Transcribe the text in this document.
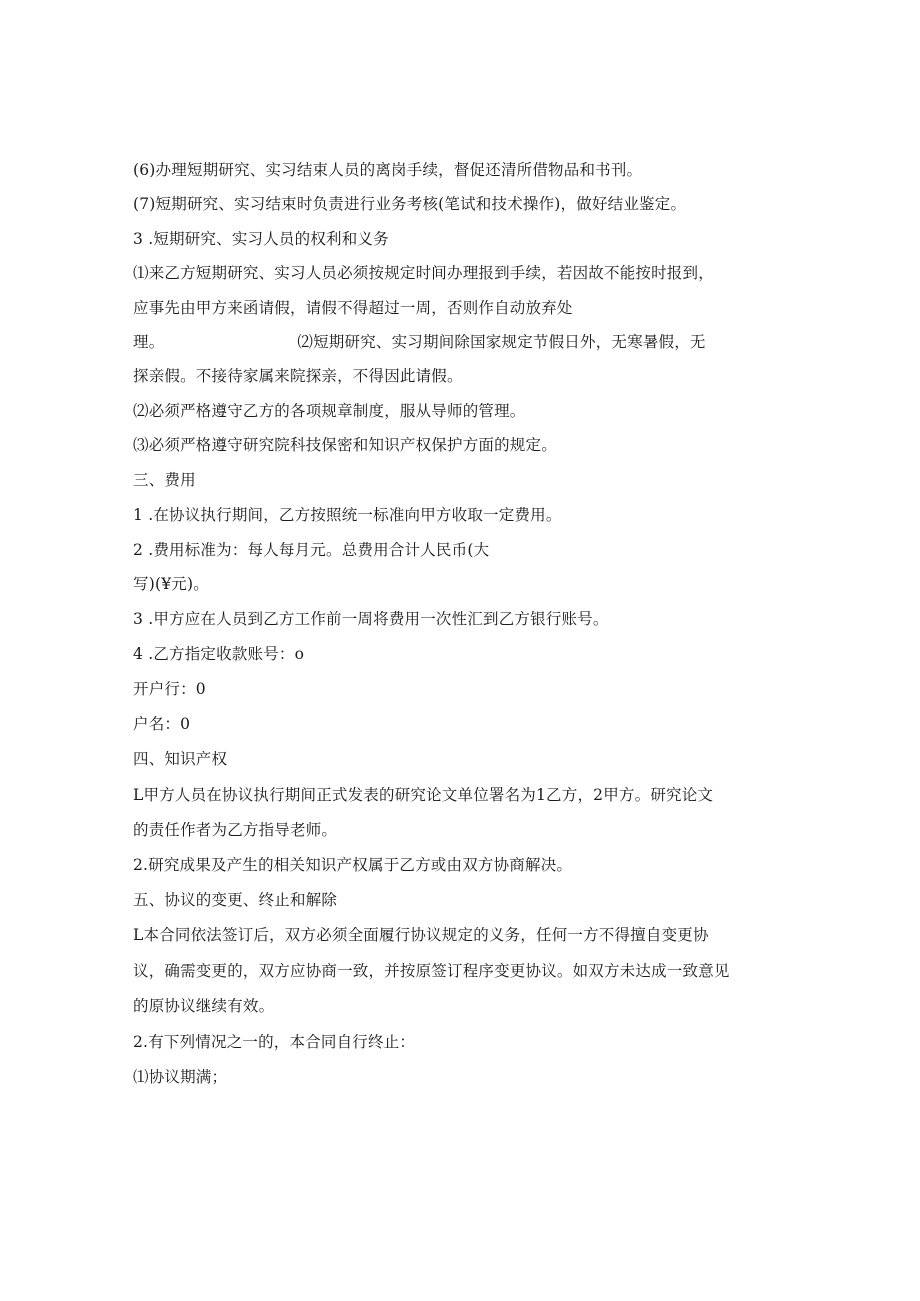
(6)办理短期研究、实习结束人员的离岗手续，督促还清所借物品和书刊。
(7)短期研究、实习结束时负责进行业务考核(笔试和技术操作)，做好结业鉴定。
3 .短期研究、实习人员的权利和义务
⑴来乙方短期研究、实习人员必须按规定时间办理报到手续，若因故不能按时报到，
应事先由甲方来函请假，请假不得超过一周，否则作自动放弃处
理。	⑵短期研究、实习期间除国家规定节假日外，无寒暑假，无
探亲假。不接待家属来院探亲，不得因此请假。
⑵必须严格遵守乙方的各项规章制度，服从导师的管理。
⑶必须严格遵守研究院科技保密和知识产权保护方面的规定。
三、费用
1 .在协议执行期间，乙方按照统一标准向甲方收取一定费用。
2 .费用标准为：每人每月元。总费用合计人民币(大
写)(¥元)。
3 .甲方应在人员到乙方工作前一周将费用一次性汇到乙方银行账号。
4 .乙方指定收款账号：o
开户行：0
户名：0
四、知识产权
L甲方人员在协议执行期间正式发表的研究论文单位署名为1乙方，2甲方。研究论文
的责任作者为乙方指导老师。
2.研究成果及产生的相关知识产权属于乙方或由双方协商解决。
五、协议的变更、终止和解除
L本合同依法签订后，双方必须全面履行协议规定的义务，任何一方不得擅自变更协
议，确需变更的，双方应协商一致，并按原签订程序变更协议。如双方未达成一致意见
的原协议继续有效。
2.有下列情况之一的，本合同自行终止：
⑴协议期满；
